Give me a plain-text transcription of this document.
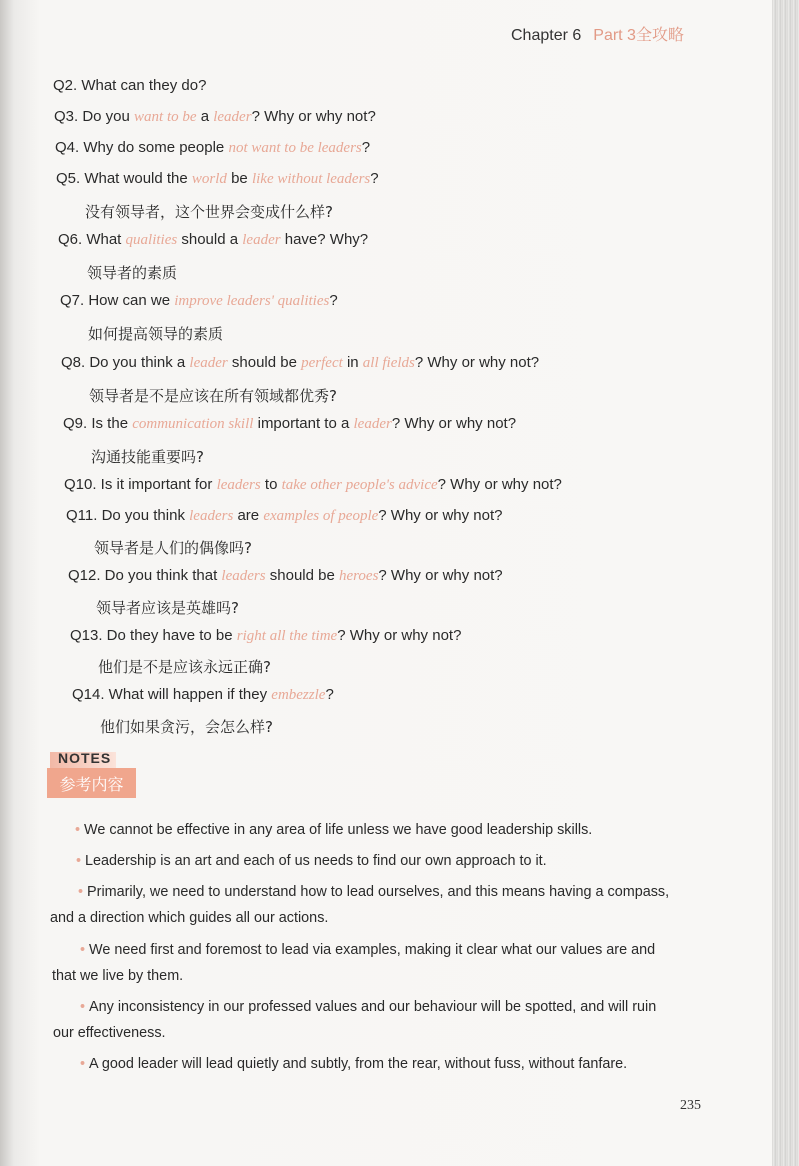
Chapter 6 Part 3全攻略
Q2. What can they do?
Q3. Do you want to be a leader? Why or why not?
Q4. Why do some people not want to be leaders?
Q5. What would the world be like without leaders?
没有领导者，这个世界会变成什么样?
Q6. What qualities should a leader have? Why?
领导者的素质
Q7. How can we improve leaders' qualities?
如何提高领导的素质
Q8. Do you think a leader should be perfect in all fields? Why or why not?
领导者是不是应该在所有领域都优秀?
Q9. Is the communication skill important to a leader? Why or why not?
沟通技能重要吗?
Q10. Is it important for leaders to take other people's advice? Why or why not?
Q11. Do you think leaders are examples of people? Why or why not?
领导者是人们的偶像吗?
Q12. Do you think that leaders should be heroes? Why or why not?
领导者应该是英雄吗?
Q13. Do they have to be right all the time? Why or why not?
他们是不是应该永远正确?
Q14. What will happen if they embezzle?
他们如果贪污，会怎么样?
NOTES
参考内容
• We cannot be effective in any area of life unless we have good leadership skills.
• Leadership is an art and each of us needs to find our own approach to it.
• Primarily, we need to understand how to lead ourselves, and this means having a compass,
and a direction which guides all our actions.
• We need first and foremost to lead via examples, making it clear what our values are and
that we live by them.
• Any inconsistency in our professed values and our behaviour will be spotted, and will ruin
our effectiveness.
• A good leader will lead quietly and subtly, from the rear, without fuss, without fanfare.
235
